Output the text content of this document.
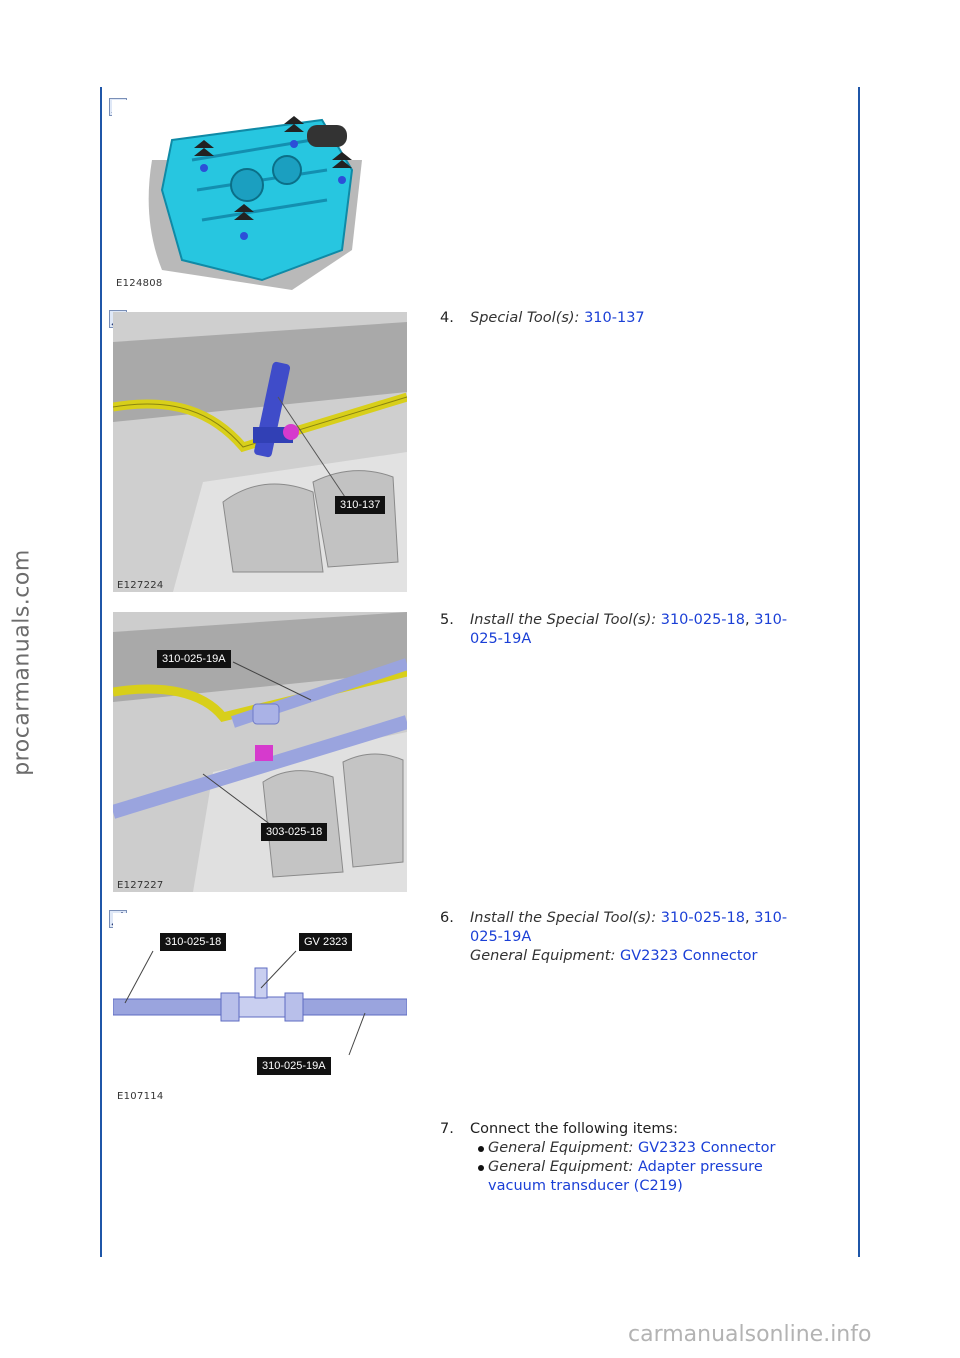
procarmanuals.com
carmanualsonline.info
E124808
310-137
E127224
4. Special Tool(s): 310-137
310-025-19A
303-025-18
E127227
5. Install the Special Tool(s): 310-025-18, 310-
025-19A
310-025-18	GV 2323
310-025-19A
E107114
6. Install the Special Tool(s): 310-025-18, 310-
025-19A
General Equipment: GV2323 Connector
7. Connect the following items:
General Equipment: GV2323 Connector
General Equipment: Adapter pressure
vacuum transducer (C219)
